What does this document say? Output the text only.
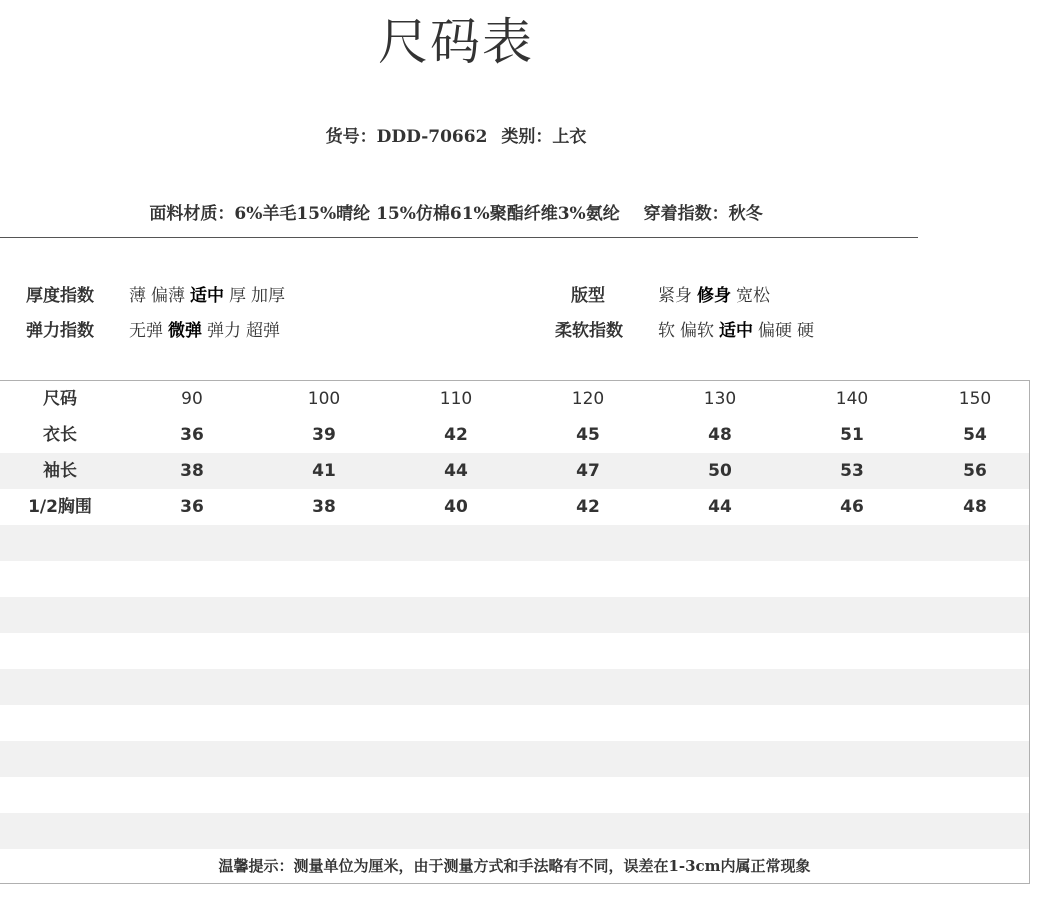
尺码表
货号：DDD-70662 类别：上衣
面料材质：6%羊毛15%晴纶 15%仿棉61%聚酯纤维3%氨纶 穿着指数：秋冬
厚度指数 薄 偏薄 适中 厚 加厚	版型	紧身 修身 宽松
弹力指数 无弹 微弹 弹力 超弹	柔软指数 软 偏软 适中 偏硬 硬
尺码	90	100	110	120	130	140	150
衣长	36	39	42	45	48	51	54
袖长	38	41	44	47	50	53	56
1/2胸围	36	38	40	42	44	46	48
温馨提示：测量单位为厘米，由于测量方式和手法略有不同，误差在1-3cm内属正常现象
